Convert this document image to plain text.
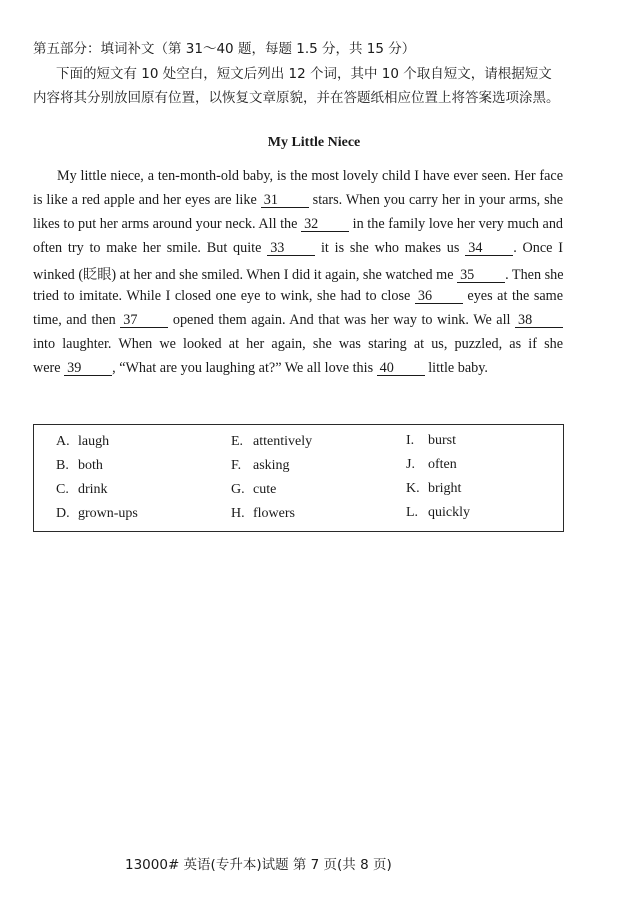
第五部分：填词补文（第 31～40 题，每题 1.5 分，共 15 分）
下面的短文有 10 处空白，短文后列出 12 个词，其中 10 个取自短文，请根据短文
内容将其分别放回原有位置，以恢复文章原貌，并在答题纸相应位置上将答案选项涂黑。
My Little Niece
My little niece, a ten-month-old baby, is the most lovely child I have ever seen. Her face
is like a red apple and her eyes are like 31 stars. When you carry her in your arms, she
likes to put her arms around your neck. All the 32 in the family love her very much and
often try to make her smile. But quite 33	it is she who makes us 34 . Once I
winked (眨眼) at her and she smiled. When I did it again, she watched me 35 . Then she
tried to imitate. While I closed one eye to wink, she had to close 36 eyes at the same
time, and then 37 opened them again. And that was her way to wink. We all 38
into laughter. When we looked at her again, she was staring at us, puzzled, as if she
were 39 , “What are you laughing at?” We all love this 40 little baby.
A. laugh
B. both
C. drink
D. grown-ups
E. attentively
F. asking
G. cute
H. flowers
I. burst
J. often
K. bright
L. quickly
13000# 英语(专升本)试题 第 7 页(共 8 页)
